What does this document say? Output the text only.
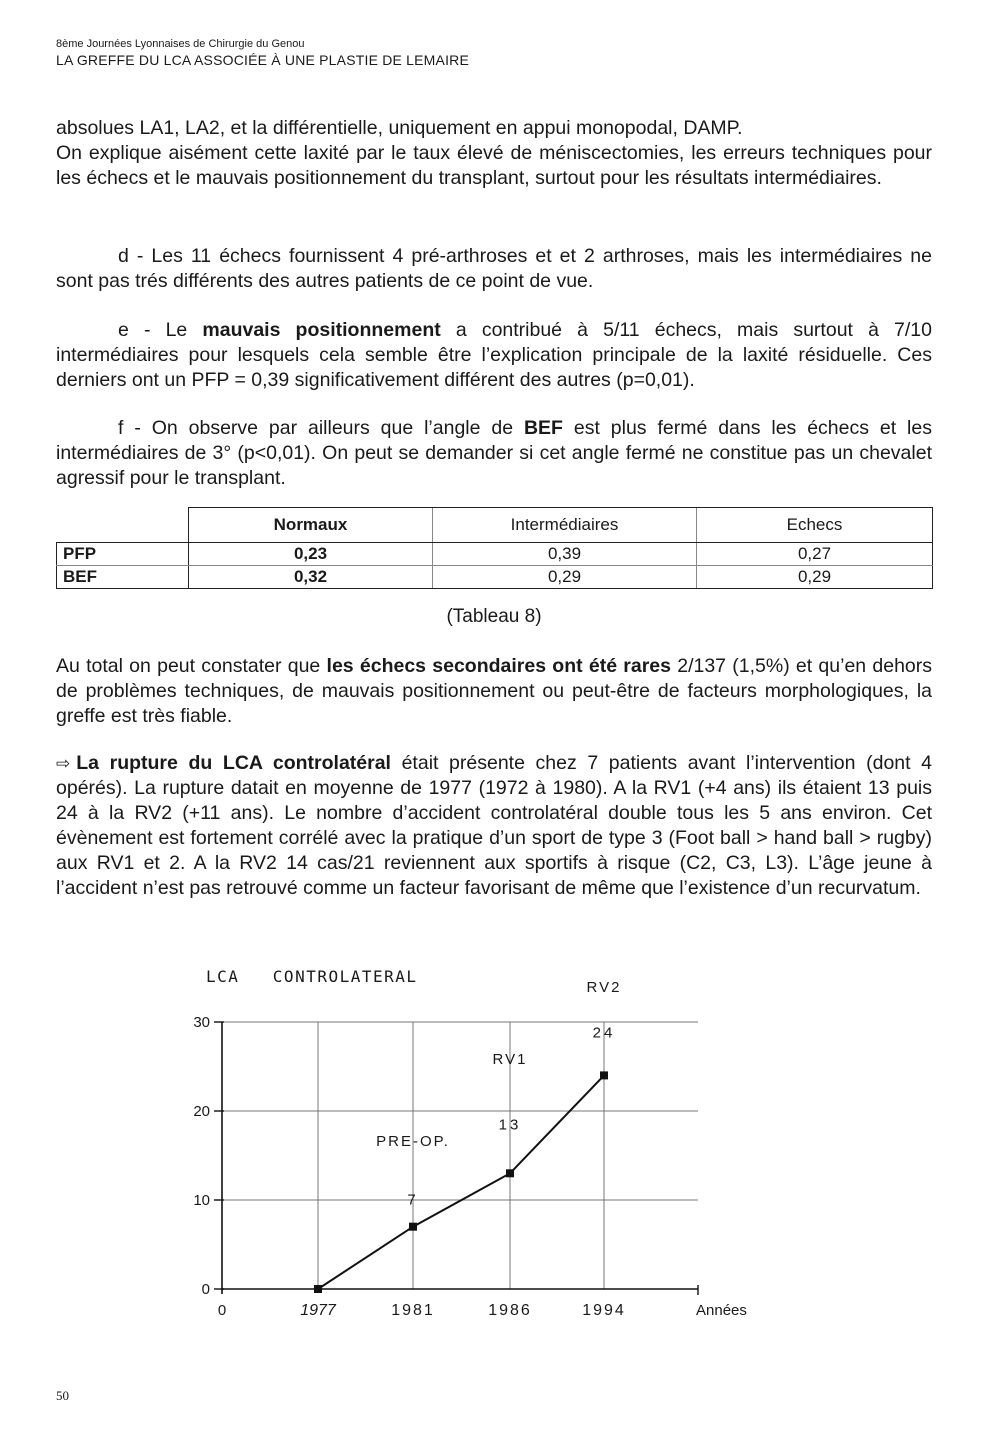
8ème Journées Lyonnaises de Chirurgie du Genou
LA GREFFE DU LCA ASSOCIÉE À UNE PLASTIE DE LEMAIRE

absolues LA1, LA2, et la différentielle, uniquement en appui monopodal, DAMP.

On explique aisément cette laxité par le taux élevé de méniscectomies, les erreurs techniques pour les échecs et le mauvais positionnement du transplant, surtout pour les résultats intermédiaires.

d - Les 11 échecs fournissent 4 pré-arthroses et et 2 arthroses, mais les intermédiaires ne sont pas trés différents des autres patients de ce point de vue.

e - Le mauvais positionnement a contribué à 5/11 échecs, mais surtout à 7/10 intermédiaires pour lesquels cela semble être l’explication principale de la laxité résiduelle. Ces derniers ont un PFP = 0,39 significativement différent des autres (p=0,01).

f - On observe par ailleurs que l’angle de BEF est plus fermé dans les échecs et les intermédiaires de 3° (p<0,01). On peut se demander si cet angle fermé ne constitue pas un chevalet agressif pour le transplant.

	Normaux	Intermédiaires	Echecs
PFP	0,23	0,39	0,27
BEF	0,32	0,29	0,29
(Tableau 8)

Au total on peut constater que les échecs secondaires ont été rares 2/137 (1,5%) et qu’en dehors de problèmes techniques, de mauvais positionnement ou peut-être de facteurs morphologiques, la greffe est très fiable.

⇨ La rupture du LCA controlatéral était présente chez 7 patients avant l’intervention (dont 4 opérés). La rupture datait en moyenne de 1977 (1972 à 1980). A la RV1 (+4 ans) ils étaient 13 puis 24 à la RV2 (+11 ans). Le nombre d’accident controlatéral double tous les 5 ans environ. Cet évènement est fortement corrélé avec la pratique d’un sport de type 3 (Foot ball > hand ball > rugby) aux RV1 et 2. A la RV2 14 cas/21 reviennent aux sportifs à risque (C2, C3, L3). L’âge jeune à l’accident n’est pas retrouvé comme un facteur favorisant de même que l’existence d’un recurvatum.

LCA   CONTROLATERAL
0
10
20
30
0	1977	1981	1986	1994	Années
7
13
24
PRE-OP.
RV1
RV2
50
